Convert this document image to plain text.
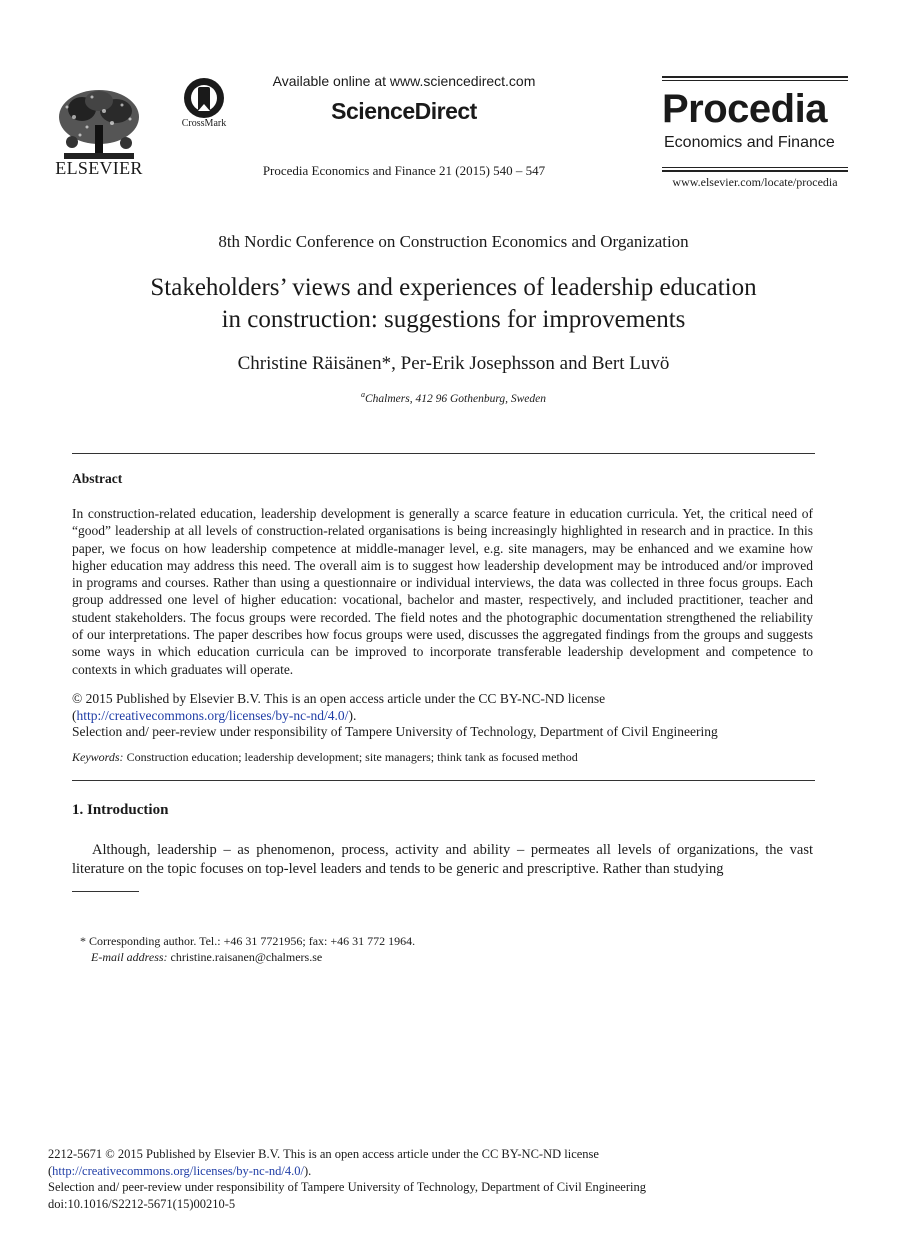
ELSEVIER
CrossMark
Available online at www.sciencedirect.com
ScienceDirect
Procedia Economics and Finance 21 (2015) 540 – 547
Procedia
Economics and Finance
www.elsevier.com/locate/procedia
8th Nordic Conference on Construction Economics and Organization
Stakeholders’ views and experiences of leadership education
in construction: suggestions for improvements
Christine Räisänen*, Per-Erik Josephsson and Bert Luvö
$^a$Chalmers, 412 96 Gothenburg, Sweden
Abstract
In construction-related education, leadership development is generally a scarce feature in education curricula. Yet, the critical need of “good” leadership at all levels of construction-related organisations is being increasingly highlighted in research and in practice. In this paper, we focus on how leadership competence at middle-manager level, e.g. site managers, may be enhanced and we examine how higher education may address this need. The overall aim is to suggest how leadership development may be introduced and/or improved in programs and courses. Rather than using a questionnaire or individual interviews, the data was collected in three focus groups. Each group addressed one level of higher education: vocational, bachelor and master, respectively, and included practitioner, teacher and student stakeholders. The focus groups were recorded. The field notes and the photographic documentation strengthened the reliability of our interpretations. The paper describes how focus groups were used, discusses the aggregated findings from the groups and suggests some ways in which education curricula can be improved to incorporate transferable leadership development and competence to contexts in which graduates will operate.
© 2015 Published by Elsevier B.V. This is an open access article under the CC BY-NC-ND license
(http://creativecommons.org/licenses/by-nc-nd/4.0/).
Selection and/ peer-review under responsibility of Tampere University of Technology, Department of Civil Engineering
Keywords: Construction education; leadership development; site managers; think tank as focused method
1. Introduction
Although, leadership – as phenomenon, process, activity and ability – permeates all levels of organizations, the vast literature on the topic focuses on top-level leaders and tends to be generic and prescriptive. Rather than studying
* Corresponding author. Tel.: +46 31 7721956; fax: +46 31 772 1964.
E-mail address: christine.raisanen@chalmers.se
2212-5671 © 2015 Published by Elsevier B.V. This is an open access article under the CC BY-NC-ND license
(http://creativecommons.org/licenses/by-nc-nd/4.0/).
Selection and/ peer-review under responsibility of Tampere University of Technology, Department of Civil Engineering
doi:10.1016/S2212-5671(15)00210-5
